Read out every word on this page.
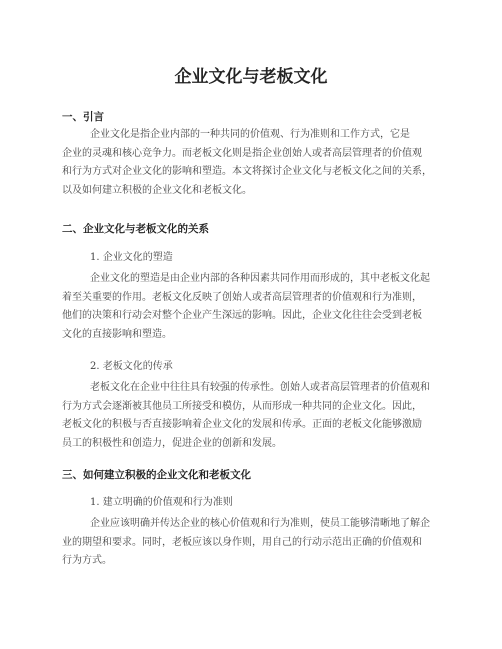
企业文化与老板文化
一、引言

企业文化是指企业内部的一种共同的价值观、行为准则和工作方式，它是
企业的灵魂和核心竞争力。而老板文化则是指企业创始人或者高层管理者的价值观
和行为方式对企业文化的影响和塑造。本文将探讨企业文化与老板文化之间的关系，
以及如何建立积极的企业文化和老板文化。

二、企业文化与老板文化的关系

1. 企业文化的塑造

企业文化的塑造是由企业内部的各种因素共同作用而形成的，其中老板文化起
着至关重要的作用。老板文化反映了创始人或者高层管理者的价值观和行为准则，
他们的决策和行动会对整个企业产生深远的影响。因此，企业文化往往会受到老板
文化的直接影响和塑造。

2. 老板文化的传承

老板文化在企业中往往具有较强的传承性。创始人或者高层管理者的价值观和
行为方式会逐渐被其他员工所接受和模仿，从而形成一种共同的企业文化。因此，
老板文化的积极与否直接影响着企业文化的发展和传承。正面的老板文化能够激励
员工的积极性和创造力，促进企业的创新和发展。

三、如何建立积极的企业文化和老板文化

1. 建立明确的价值观和行为准则

企业应该明确并传达企业的核心价值观和行为准则，使员工能够清晰地了解企
业的期望和要求。同时，老板应该以身作则，用自己的行动示范出正确的价值观和
行为方式。
